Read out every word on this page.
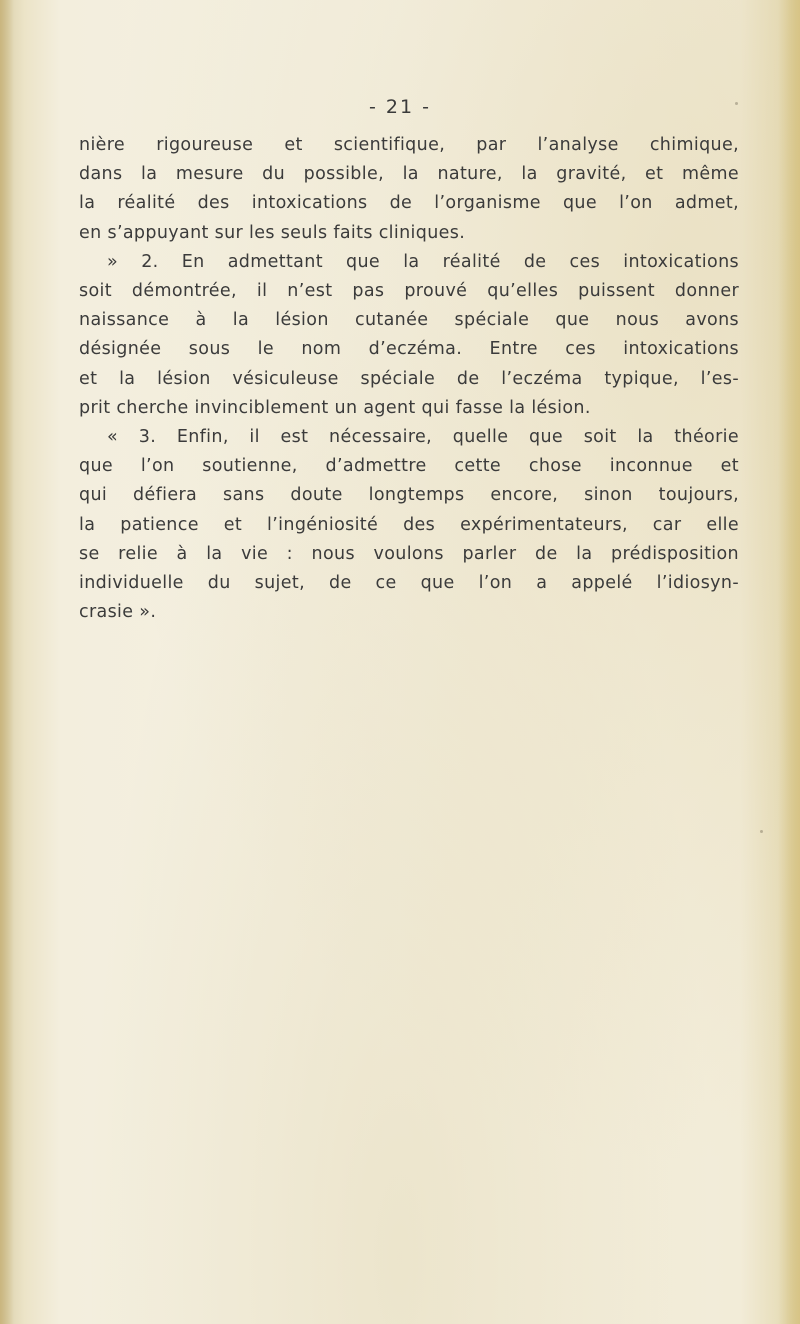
- 21 -
nière rigoureuse et scientifique, par l’analyse chimique,
dans la mesure du possible, la nature, la gravité, et même
la réalité des intoxications de l’organisme que l’on admet,
en s’appuyant sur les seuls faits cliniques.
» 2. En admettant que la réalité de ces intoxications
soit démontrée, il n’est pas prouvé qu’elles puissent donner
naissance à la lésion cutanée spéciale que nous avons
désignée sous le nom d’eczéma. Entre ces intoxications
et la lésion vésiculeuse spéciale de l’eczéma typique, l’es-
prit cherche invinciblement un agent qui fasse la lésion.
« 3. Enfin, il est nécessaire, quelle que soit la théorie
que l’on soutienne, d’admettre cette chose inconnue et
qui défiera sans doute longtemps encore, sinon toujours,
la patience et l’ingéniosité des expérimentateurs, car elle
se relie à la vie : nous voulons parler de la prédisposition
individuelle du sujet, de ce que l’on a appelé l’idiosyn-
crasie ».
